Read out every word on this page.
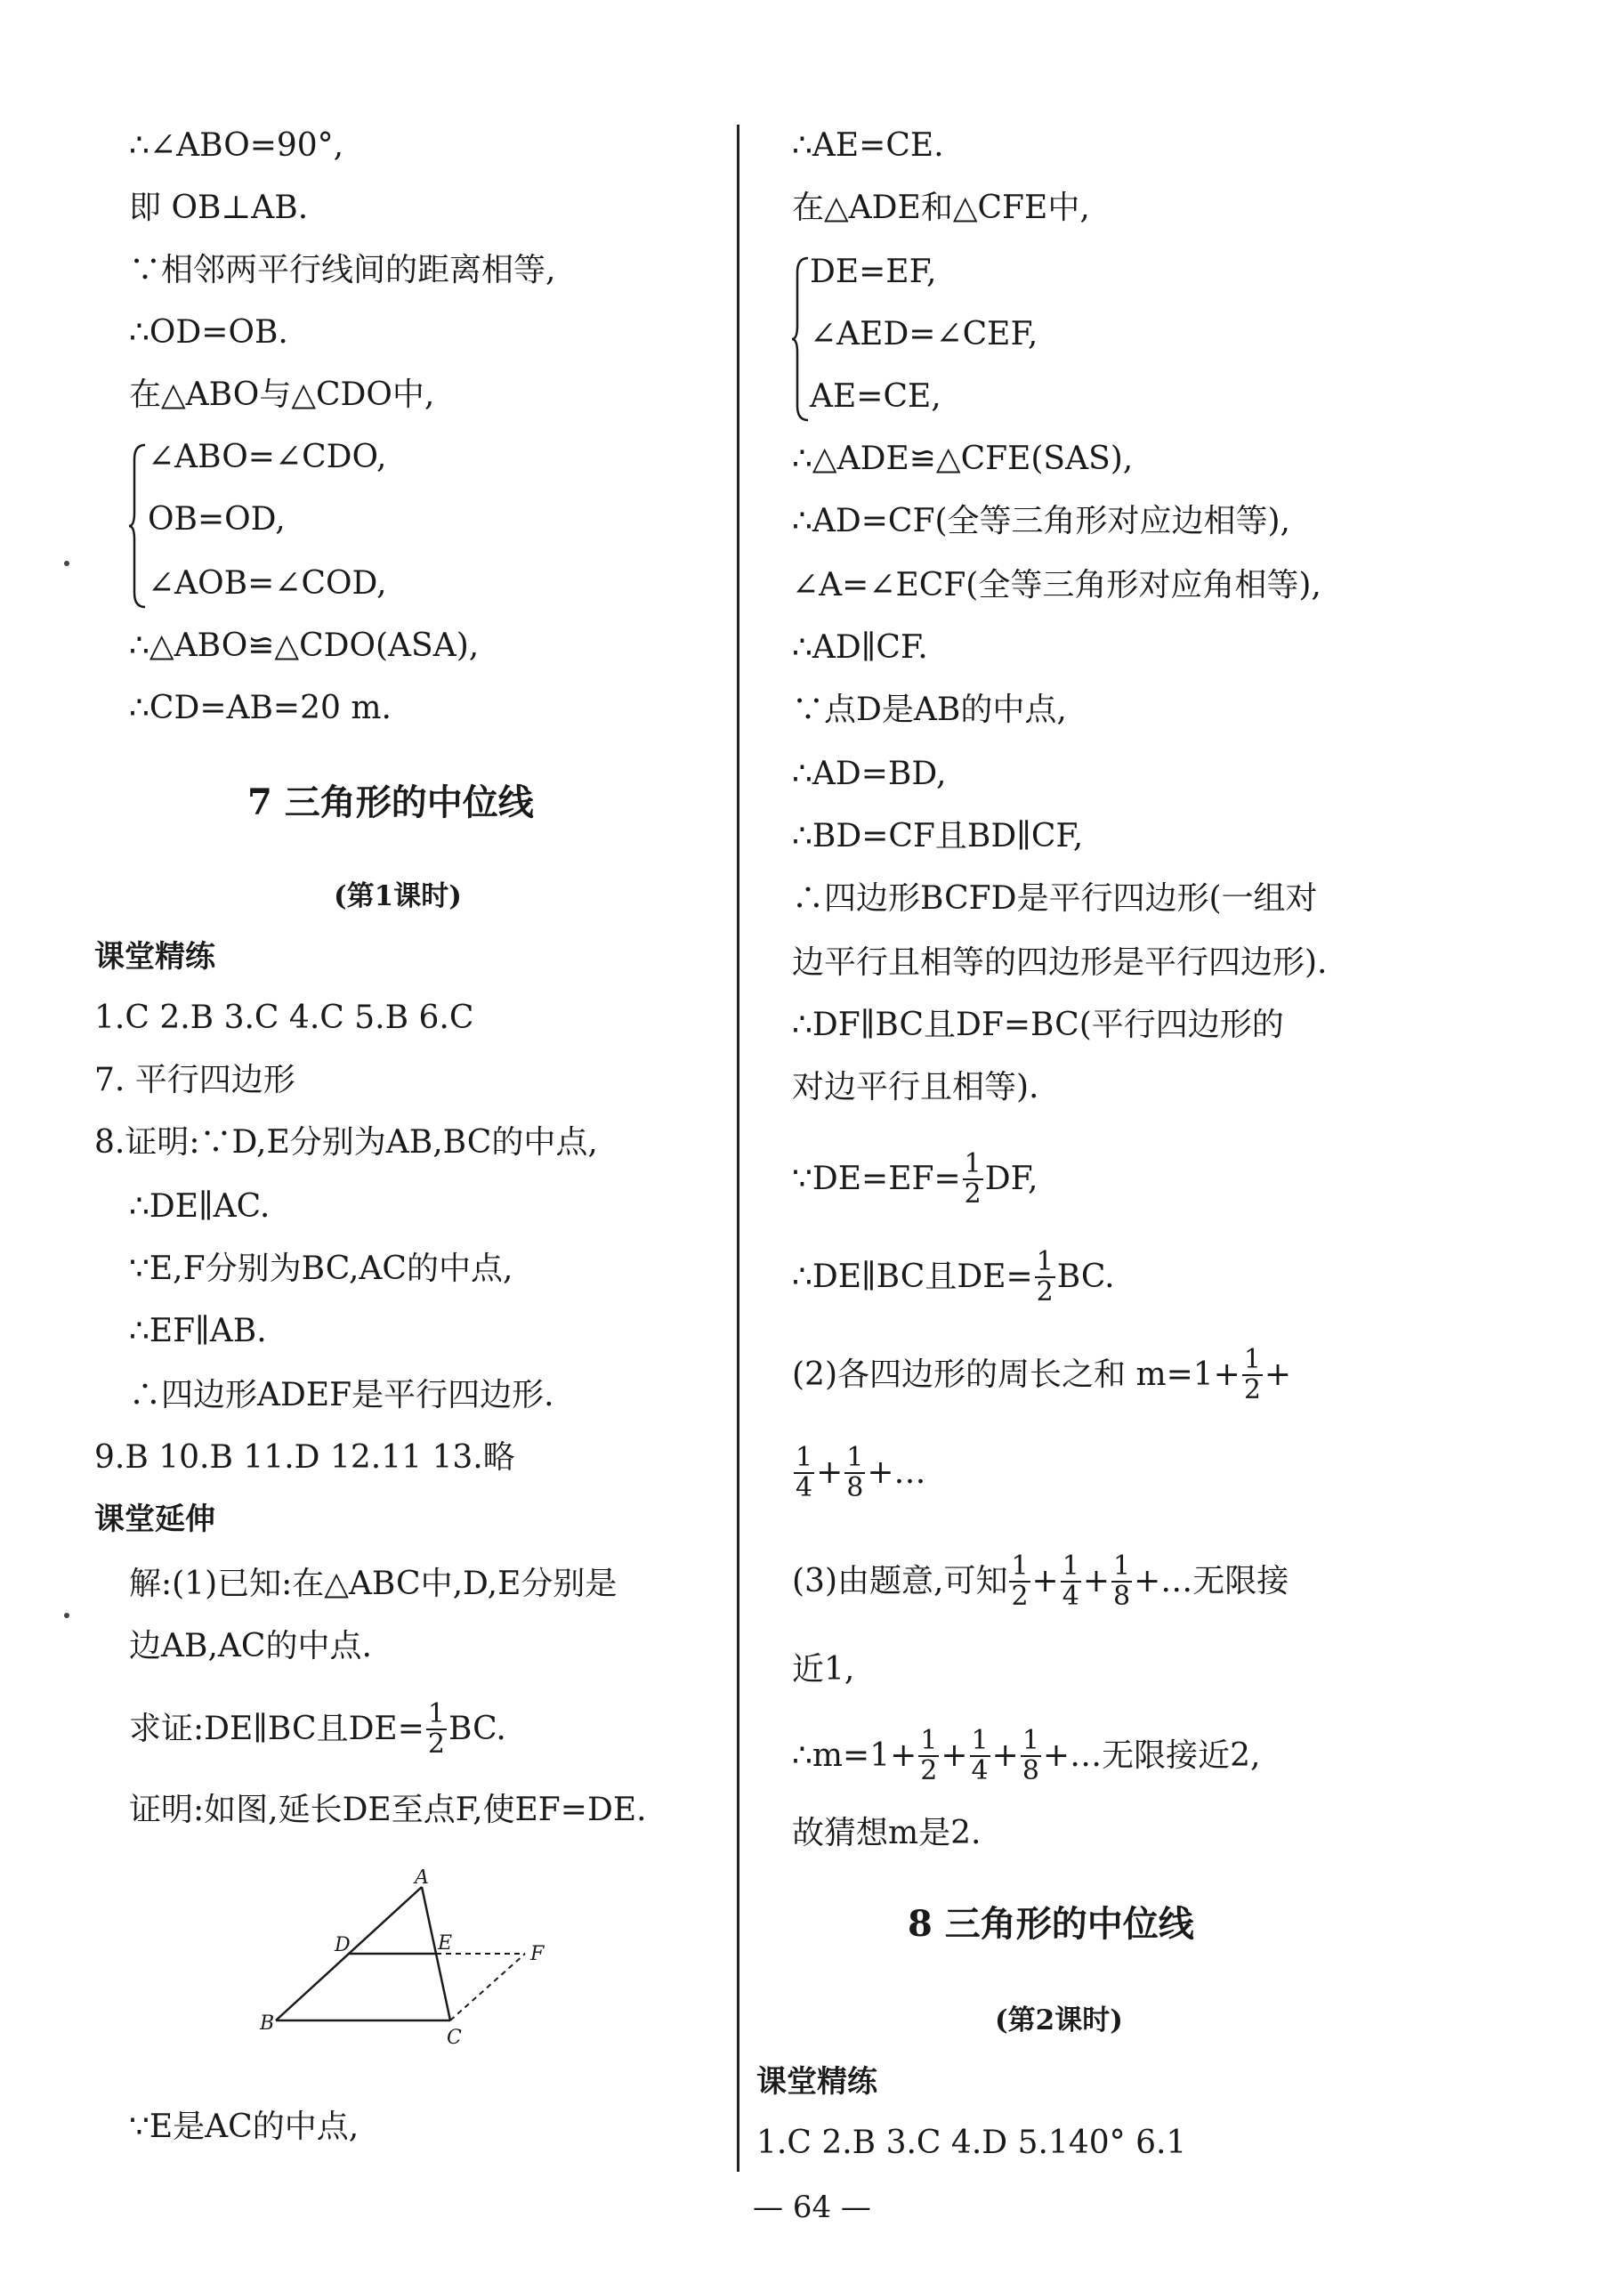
∴∠ABO=90°,
即 OB⊥AB.
∵相邻两平行线间的距离相等,
∴OD=OB.
在△ABO与△CDO中,
∠ABO=∠CDO,
OB=OD,
∠AOB=∠COD,
∴△ABO≌△CDO(ASA),
∴CD=AB=20 m.
7 三角形的中位线
(第1课时)
课堂精练
1.C 2.B 3.C 4.C 5.B 6.C
7. 平行四边形
8.证明:∵D,E分别为AB,BC的中点,
∴DE∥AC.
∵E,F分别为BC,AC的中点,
∴EF∥AB.
∴四边形ADEF是平行四边形.
9.B 10.B 11.D 12.11 13.略
课堂延伸
解:(1)已知:在△ABC中,D,E分别是
边AB,AC的中点.
求证:DE∥BC且$DE= \frac{1}{2}$ BC.
证明:如图,延长DE至点F,使EF=DE.
A
B
C
D	E	F
∵E是AC的中点,
∴AE=CE.
在△ADE和△CFE中,
DE=EF,
∠AED=∠CEF,
AE=CE,
∴△ADE≌△CFE(SAS),
∴AD=CF(全等三角形对应边相等),
∠A=∠ECF(全等三角形对应角相等),
∴AD∥CF.
∵点D是AB的中点,
∴AD=BD,
∴BD=CF且BD∥CF,
∴四边形BCFD是平行四边形(一组对
边平行且相等的四边形是平行四边形).
∴DF∥BC且DF=BC(平行四边形的
对边平行且相等).
∵DE=EF= $\frac{1}{2}$ DF,
∴DE∥BC且$DE= \frac{1}{2}$ BC.
(2)各四边形的周长之和 $m=1+ \frac{1}{2}$ +
$\frac{1}{4} + \frac{1}{8}$ +…
(3)由题意,可知 $\frac{1}{2} + \frac{1}{4} + \frac{1}{8}$ +…无限接
近1,
∴m=1+ $\frac{1}{2} + \frac{1}{4} + \frac{1}{8}$ +…无限接近2,
故猜想m是2.
8 三角形的中位线
(第2课时)
课堂精练
1.C 2.B 3.C 4.D 5.140° 6.1
— 64 —
